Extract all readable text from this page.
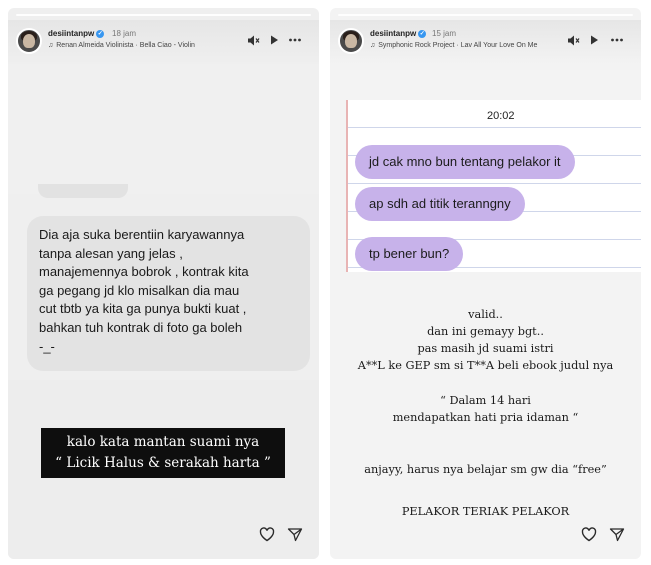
desiintanpw ✓ 18 jam
♫ Renan Almeida Violinista · Bella Ciao - Violin

Dia aja suka berentiin karyawannya

tanpa alesan yang jelas ,

manajemennya bobrok , kontrak kita

ga pegang jd klo misalkan dia mau

cut tbtb ya kita ga punya bukti kuat ,

bahkan tuh kontrak di foto ga boleh

-_-

kalo kata mantan suami nya
“ Licik Halus & serakah harta ”
desiintanpw ✓ 15 jam
♫ Symphonic Rock Project · Lav All Your Love On Me
20:02
jd cak mno bun tentang pelakor it
ap sdh ad titik teranngny
tp bener bun?
valid..
dan ini gemayy bgt..
pas masih jd suami istri
A**L ke GEP sm si T**A beli ebook judul nya
“ Dalam 14 hari
mendapatkan hati pria idaman “
anjayy, harus nya belajar sm gw dia “free”
PELAKOR TERIAK PELAKOR
